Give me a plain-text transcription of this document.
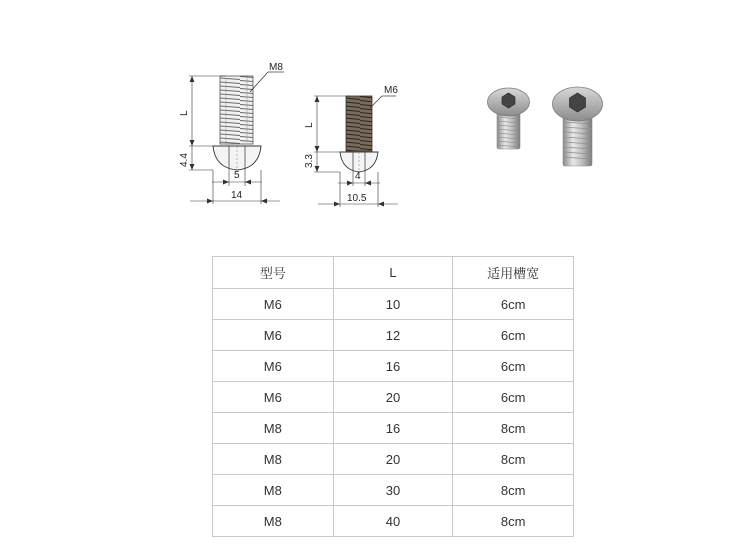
M8
L
4.4
5
14
M6
L
3.3
4
10.5
型号	L	适用槽宽
M6	10	6cm
M6	12	6cm
M6	16	6cm
M6	20	6cm
M8	16	8cm
M8	20	8cm
M8	30	8cm
M8	40	8cm
